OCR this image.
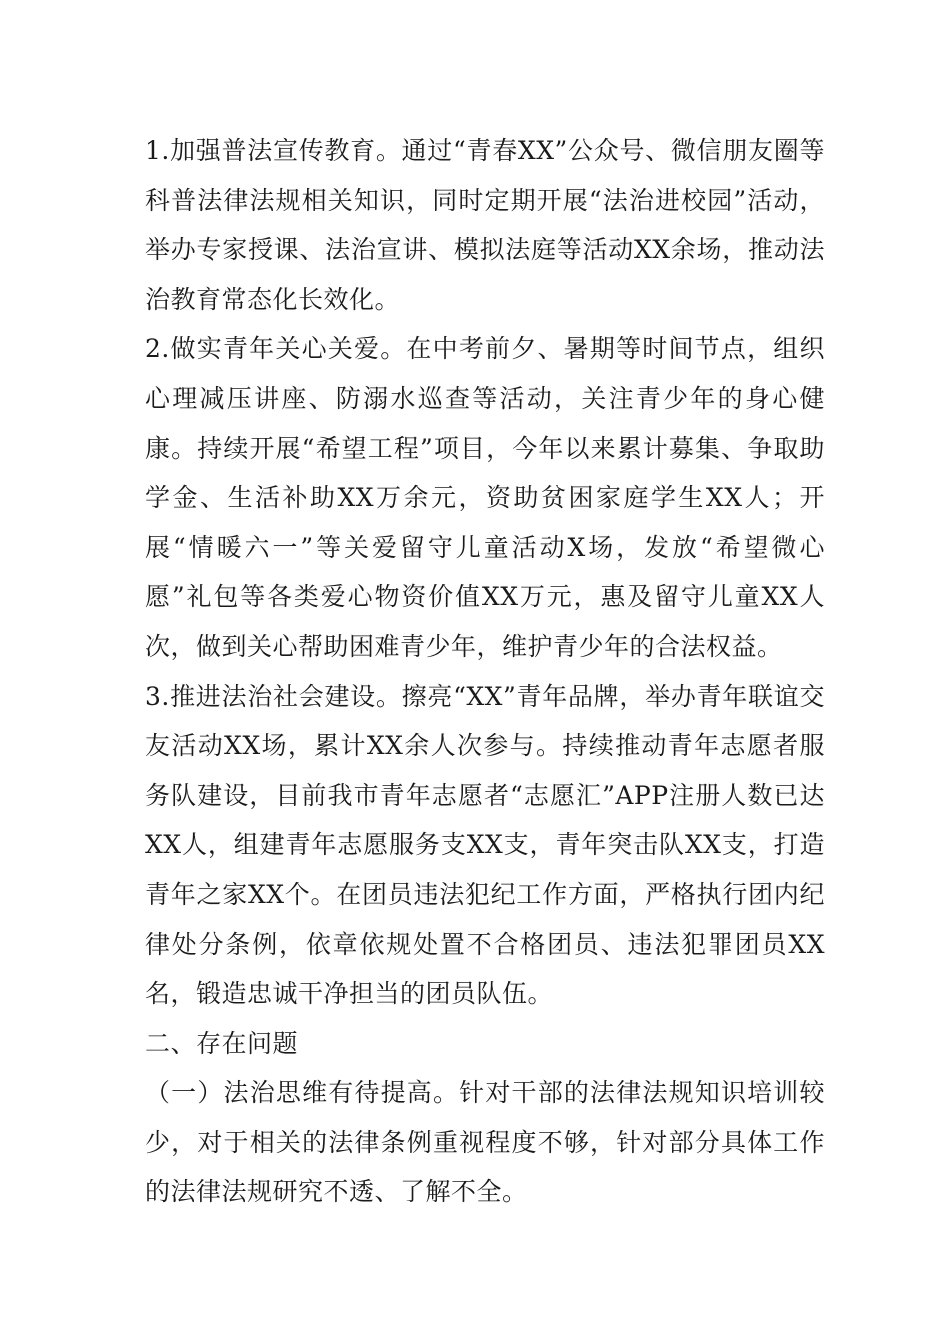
1.加强普法宣传教育。通过“青春XX”公众号、微信朋友圈等科普法律法规相关知识，同时定期开展“法治进校园”活动，举办专家授课、法治宣讲、模拟法庭等活动XX余场，推动法治教育常态化长效化。

2.做实青年关心关爱。在中考前夕、暑期等时间节点，组织心理减压讲座、防溺水巡查等活动，关注青少年的身心健康。持续开展“希望工程”项目，今年以来累计募集、争取助学金、生活补助XX万余元，资助贫困家庭学生XX人；开展“情暖六一”等关爱留守儿童活动X场，发放“希望微心愿”礼包等各类爱心物资价值XX万元，惠及留守儿童XX人次，做到关心帮助困难青少年，维护青少年的合法权益。

3.推进法治社会建设。擦亮“XX”青年品牌，举办青年联谊交友活动XX场，累计XX余人次参与。持续推动青年志愿者服务队建设，目前我市青年志愿者“志愿汇”APP注册人数已达XX人，组建青年志愿服务支XX支，青年突击队XX支，打造青年之家XX个。在团员违法犯纪工作方面，严格执行团内纪律处分条例，依章依规处置不合格团员、违法犯罪团员XX名，锻造忠诚干净担当的团员队伍。

二、存在问题

（一）法治思维有待提高。针对干部的法律法规知识培训较少，对于相关的法律条例重视程度不够，针对部分具体工作的法律法规研究不透、了解不全。
